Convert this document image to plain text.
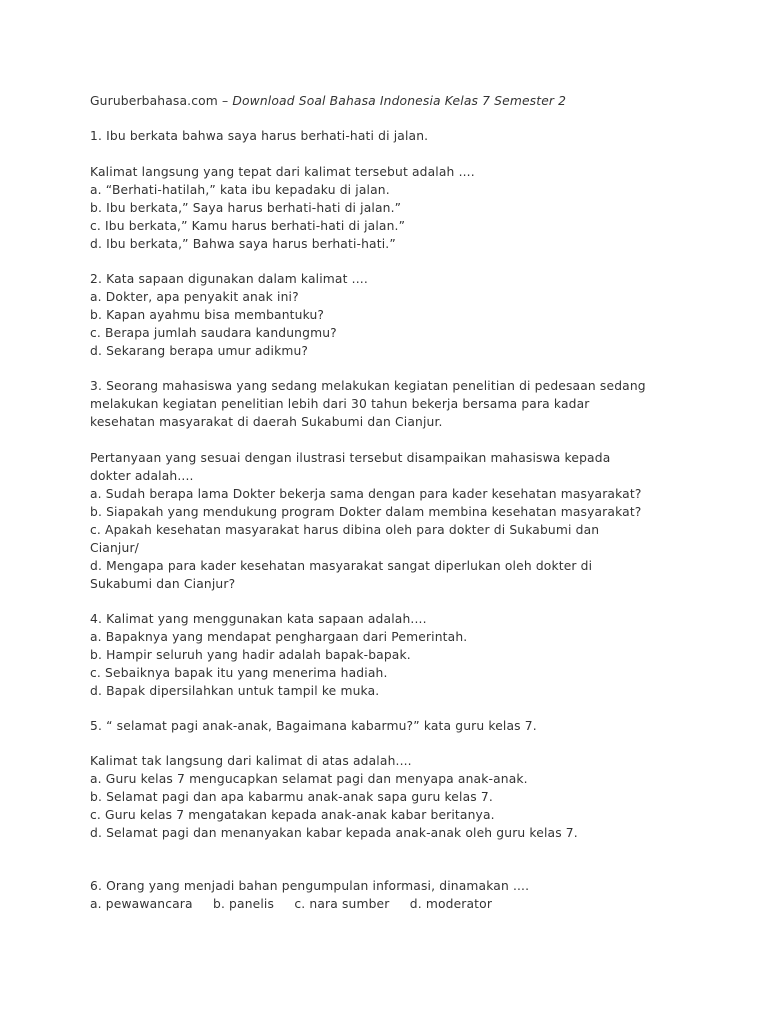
Guruberbahasa.com – Download Soal Bahasa Indonesia Kelas 7 Semester 2
1. Ibu berkata bahwa saya harus berhati-hati di jalan.
Kalimat langsung yang tepat dari kalimat tersebut adalah ....
a. “Berhati-hatilah,” kata ibu kepadaku di jalan.
b. Ibu berkata,” Saya harus berhati-hati di jalan.”
c. Ibu berkata,” Kamu harus berhati-hati di jalan.”
d. Ibu berkata,” Bahwa saya harus berhati-hati.”
2. Kata sapaan digunakan dalam kalimat ....
a. Dokter, apa penyakit anak ini?
b. Kapan ayahmu bisa membantuku?
c. Berapa jumlah saudara kandungmu?
d. Sekarang berapa umur adikmu?
3. Seorang mahasiswa yang sedang melakukan kegiatan penelitian di pedesaan sedang
melakukan kegiatan penelitian lebih dari 30 tahun bekerja bersama para kadar
kesehatan masyarakat di daerah Sukabumi dan Cianjur.
Pertanyaan yang sesuai dengan ilustrasi tersebut disampaikan mahasiswa kepada
dokter adalah....
a. Sudah berapa lama Dokter bekerja sama dengan para kader kesehatan masyarakat?
b. Siapakah yang mendukung program Dokter dalam membina kesehatan masyarakat?
c. Apakah kesehatan masyarakat harus dibina oleh para dokter di Sukabumi dan
Cianjur/
d. Mengapa para kader kesehatan masyarakat sangat diperlukan oleh dokter di
Sukabumi dan Cianjur?
4. Kalimat yang menggunakan kata sapaan adalah....
a. Bapaknya yang mendapat penghargaan dari Pemerintah.
b. Hampir seluruh yang hadir adalah bapak-bapak.
c. Sebaiknya bapak itu yang menerima hadiah.
d. Bapak dipersilahkan untuk tampil ke muka.
5. “ selamat pagi anak-anak, Bagaimana kabarmu?” kata guru kelas 7.
Kalimat tak langsung dari kalimat di atas adalah....
a. Guru kelas 7 mengucapkan selamat pagi dan menyapa anak-anak.
b. Selamat pagi dan apa kabarmu anak-anak sapa guru kelas 7.
c. Guru kelas 7 mengatakan kepada anak-anak kabar beritanya.
d. Selamat pagi dan menanyakan kabar kepada anak-anak oleh guru kelas 7.
6. Orang yang menjadi bahan pengumpulan informasi, dinamakan ....
a. pewawancara     b. panelis     c. nara sumber     d. moderator
